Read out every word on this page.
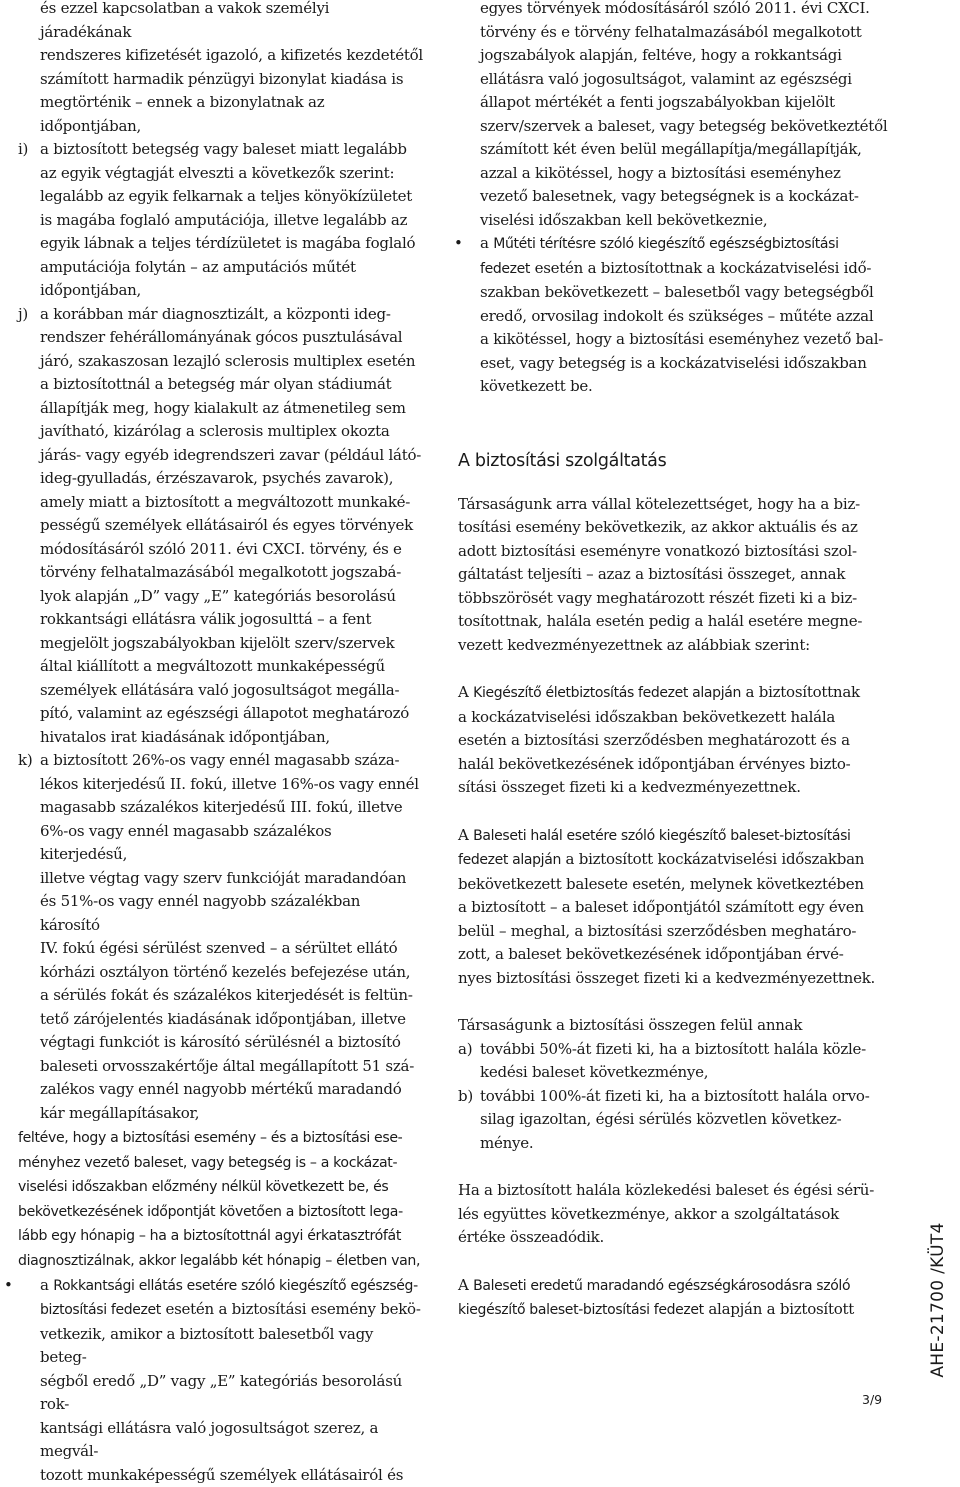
és ezzel kapcsolatban a vakok személyi járadékának

rendszeres kifizetését igazoló, a kifizetés kezdetétől

számított harmadik pénzügyi bizonylat kiadása is

megtörténik – ennek a bizonylatnak az időpontjában,

i) a biztosított betegség vagy baleset miatt legalább

az egyik végtagját elveszti a következők szerint:

legalább az egyik felkarnak a teljes könyökízületet

is magába foglaló amputációja, illetve legalább az

egyik lábnak a teljes térdízületet is magába foglaló

amputációja folytán – az amputációs műtét

időpontjában,

j) a korábban már diagnosztizált, a központi ideg-

rendszer fehérállományának gócos pusztulásával

járó, szakaszosan lezajló sclerosis multiplex esetén

a biztosítottnál a betegség már olyan stádiumát

állapítják meg, hogy kialakult az átmenetileg sem

javítható, kizárólag a sclerosis multiplex okozta

járás- vagy egyéb idegrendszeri zavar (például látó-

ideg-gyulladás, érzészavarok, psychés zavarok),

amely miatt a biztosított a megváltozott munkaké-

pességű személyek ellátásairól és egyes törvények

módosításáról szóló 2011. évi CXCI. törvény, és e

törvény felhatalmazásából megalkotott jogszabá-

lyok alapján „D” vagy „E” kategóriás besorolású

rokkantsági ellátásra válik jogosulttá – a fent

megjelölt jogszabályokban kijelölt szerv/szervek

által kiállított a megváltozott munkaképességű

személyek ellátására való jogosultságot megálla-

pító, valamint az egészségi állapotot meghatározó

hivatalos irat kiadásának időpontjában,

k) a biztosított 26%-os vagy ennél magasabb száza-

lékos kiterjedésű II. fokú, illetve 16%-os vagy ennél

magasabb százalékos kiterjedésű III. fokú, illetve

6%-os vagy ennél magasabb százalékos kiterjedésű,

illetve végtag vagy szerv funkcióját maradandóan

és 51%-os vagy ennél nagyobb százalékban károsító

IV. fokú égési sérülést szenved – a sérültet ellátó

kórházi osztályon történő kezelés befejezése után,

a sérülés fokát és százalékos kiterjedését is feltün-

tető zárójelentés kiadásának időpontjában, illetve

végtagi funkciót is károsító sérülésnél a biztosító

baleseti orvosszakértője által megállapított 51 szá-

zalékos vagy ennél nagyobb mértékű maradandó

kár megállapításakor,

feltéve, hogy a biztosítási esemény – és a biztosítási ese-

ményhez vezető baleset, vagy betegség is – a kockázat-

viselési időszakban előzmény nélkül következett be, és

bekövetkezésének időpontját követően a biztosított lega-

lább egy hónapig – ha a biztosítottnál agyi érkatasztrófát

diagnosztizálnak, akkor legalább két hónapig – életben van,

• a Rokkantsági ellátás esetére szóló kiegészítő egészség-

biztosítási fedezet esetén a biztosítási esemény bekö-

vetkezik, amikor a biztosított balesetből vagy beteg-

ségből eredő „D” vagy „E” kategóriás besorolású rok-

kantsági ellátásra való jogosultságot szerez, a megvál-

tozott munkaképességű személyek ellátásairól és

egyes törvények módosításáról szóló 2011. évi CXCI.

törvény és e törvény felhatalmazásából megalkotott

jogszabályok alapján, feltéve, hogy a rokkantsági

ellátásra való jogosultságot, valamint az egészségi

állapot mértékét a fenti jogszabályokban kijelölt

szerv/szervek a baleset, vagy betegség bekövetkeztétől

számított két éven belül megállapítja/megállapítják,

azzal a kikötéssel, hogy a biztosítási eseményhez

vezető balesetnek, vagy betegségnek is a kockázat-

viselési időszakban kell bekövetkeznie,

• a Műtéti térítésre szóló kiegészítő egészségbiztosítási

fedezet esetén a biztosítottnak a kockázatviselési idő-

szakban bekövetkezett – balesetből vagy betegségből

eredő, orvosilag indokolt és szükséges – műtéte azzal

a kikötéssel, hogy a biztosítási eseményhez vezető bal-

eset, vagy betegség is a kockázatviselési időszakban

következett be.

A biztosítási szolgáltatás

Társaságunk arra vállal kötelezettséget, hogy ha a biz-

tosítási esemény bekövetkezik, az akkor aktuális és az

adott biztosítási eseményre vonatkozó biztosítási szol-

gáltatást teljesíti – azaz a biztosítási összeget, annak

többszörösét vagy meghatározott részét fizeti ki a biz-

tosítottnak, halála esetén pedig a halál esetére megne-

vezett kedvezményezettnek az alábbiak szerint:

A Kiegészítő életbiztosítás fedezet alapján a biztosítottnak

a kockázatviselési időszakban bekövetkezett halála

esetén a biztosítási szerződésben meghatározott és a

halál bekövetkezésének időpontjában érvényes bizto-

sítási összeget fizeti ki a kedvezményezettnek.

A Baleseti halál esetére szóló kiegészítő baleset-biztosítási

fedezet alapján a biztosított kockázatviselési időszakban

bekövetkezett balesete esetén, melynek következtében

a biztosított – a baleset időpontjától számított egy éven

belül – meghal, a biztosítási szerződésben meghatáro-

zott, a baleset bekövetkezésének időpontjában érvé-

nyes biztosítási összeget fizeti ki a kedvezményezettnek.

Társaságunk a biztosítási összegen felül annak

a) további 50%-át fizeti ki, ha a biztosított halála közle-

kedési baleset következménye,

b) további 100%-át fizeti ki, ha a biztosított halála orvo-

silag igazoltan, égési sérülés közvetlen következ-

ménye.

Ha a biztosított halála közlekedési baleset és égési sérü-

lés együttes következménye, akkor a szolgáltatások

értéke összeadódik.

A Baleseti eredetű maradandó egészségkárosodásra szóló

kiegészítő baleset-biztosítási fedezet alapján a biztosított	AHE-21700 /KÜT4
3/9
